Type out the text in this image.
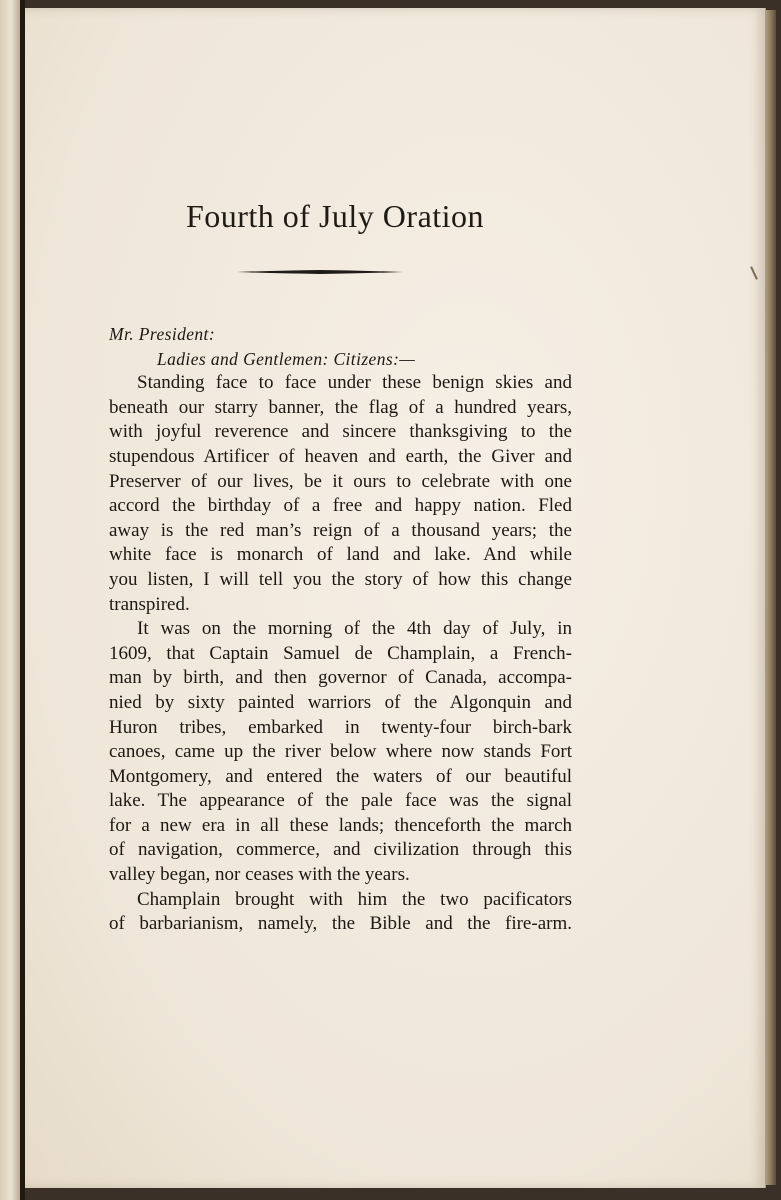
Fourth of July Oration

Mr. President:

Ladies and Gentlemen: Citizens:—

Standing face to face under these benign skies and
beneath our starry banner, the flag of a hundred years,
with joyful reverence and sincere thanksgiving to the
stupendous Artificer of heaven and earth, the Giver and
Preserver of our lives, be it ours to celebrate with one
accord the birthday of a free and happy nation. Fled
away is the red man’s reign of a thousand years; the
white face is monarch of land and lake. And while
you listen, I will tell you the story of how this change
transpired.

It was on the morning of the 4th day of July, in
1609, that Captain Samuel de Champlain, a French-
man by birth, and then governor of Canada, accompa-
nied by sixty painted warriors of the Algonquin and
Huron tribes, embarked in twenty-four birch-bark
canoes, came up the river below where now stands Fort
Montgomery, and entered the waters of our beautiful
lake. The appearance of the pale face was the signal
for a new era in all these lands; thenceforth the march
of navigation, commerce, and civilization through this
valley began, nor ceases with the years.

Champlain brought with him the two pacificators
of barbarianism, namely, the Bible and the fire-arm.
